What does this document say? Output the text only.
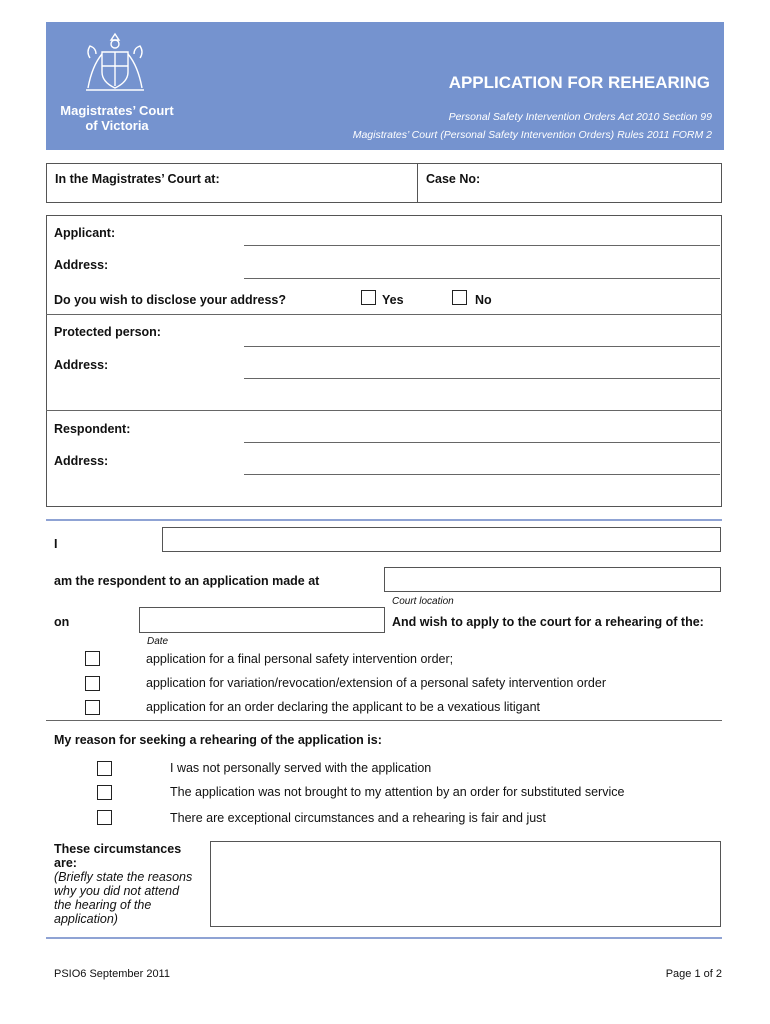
Magistrates’ Court
of Victoria
APPLICATION FOR REHEARING
Personal Safety Intervention Orders Act 2010 Section 99
Magistrates’ Court (Personal Safety Intervention Orders) Rules 2011 FORM 2
In the Magistrates’ Court at:	Case No:
Applicant:
Address:
Do you wish to disclose your address?	Yes	No
Protected person:
Address:
Respondent:
Address:
I
am the respondent to an application made at
Court location
on	And wish to apply to the court for a rehearing of the:
Date
application for a final personal safety intervention order;
application for variation/revocation/extension of a personal safety intervention order
application for an order declaring the applicant to be a vexatious litigant
My reason for seeking a rehearing of the application is:
I was not personally served with the application
The application was not brought to my attention by an order for substituted service
There are exceptional circumstances and a rehearing is fair and just
These circumstances
are:
(Briefly state the reasons
why you did not attend
the hearing of the
application)
PSIO6 September 2011	Page 1 of 2
